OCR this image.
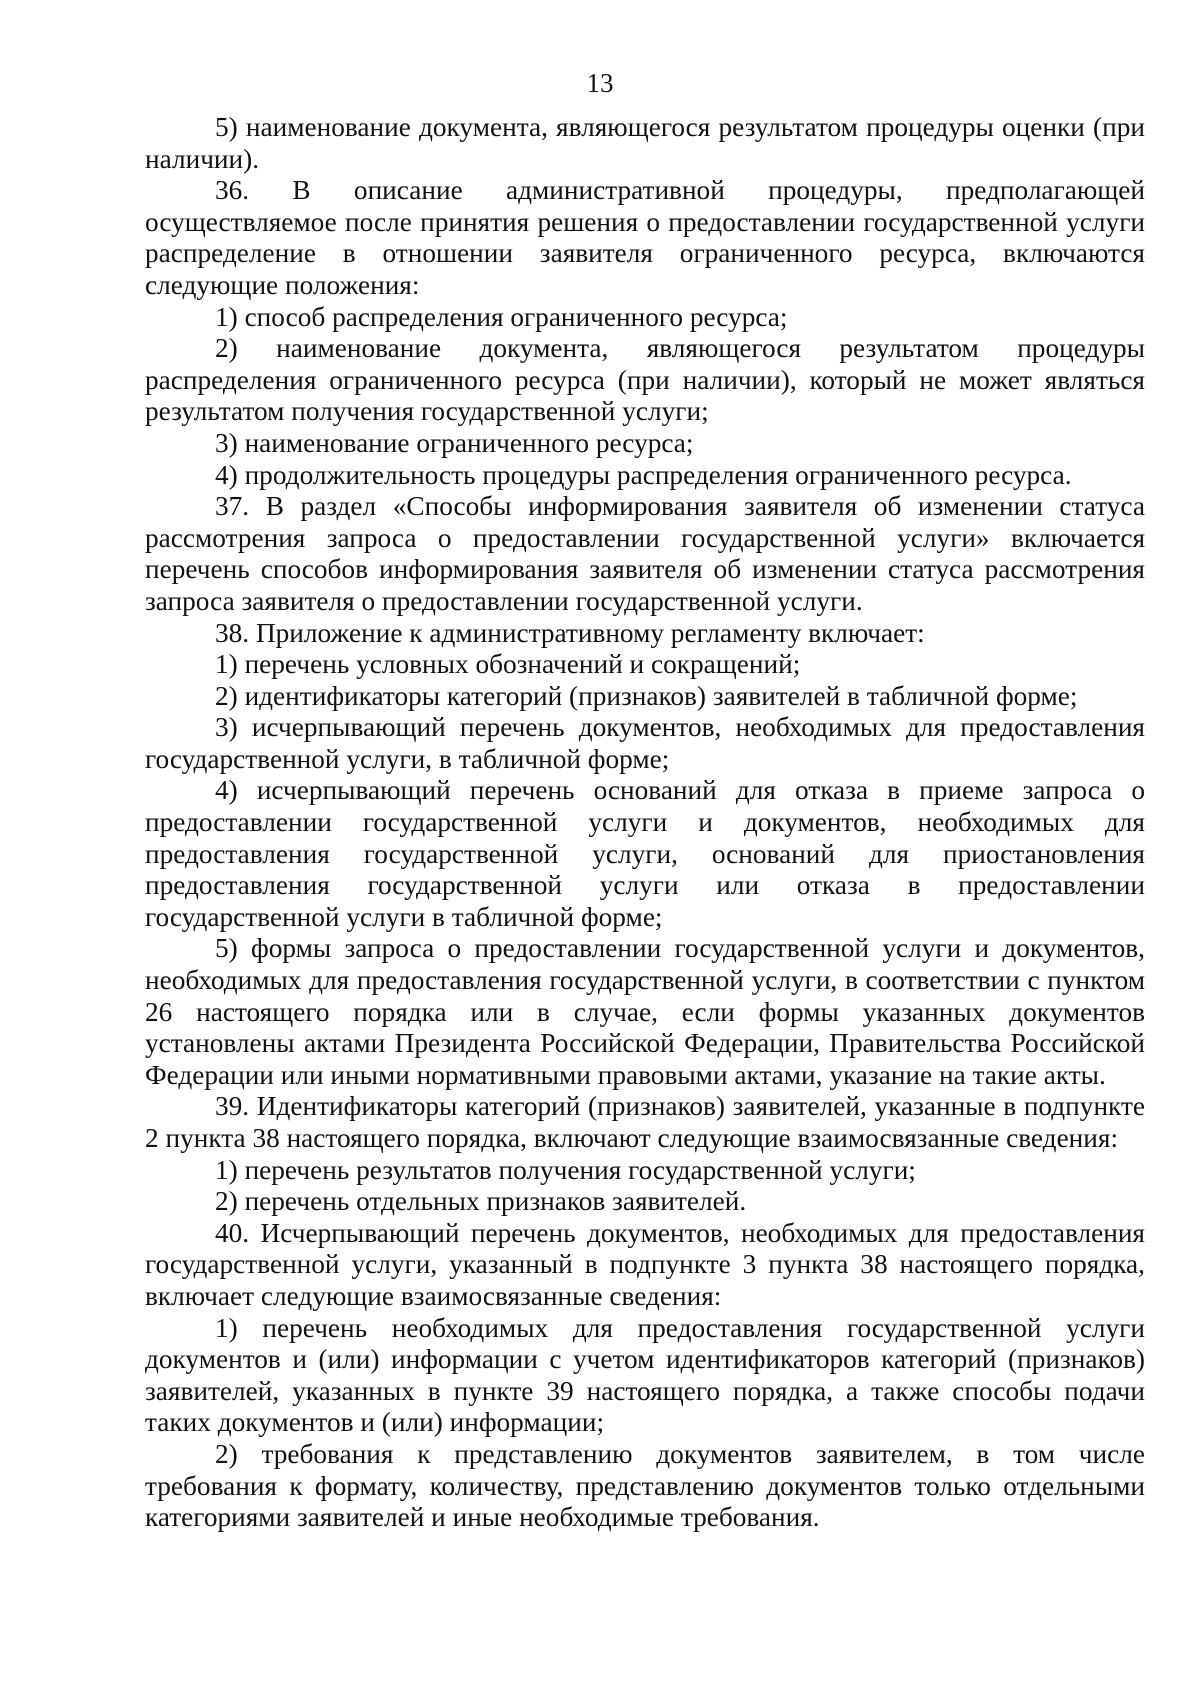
13

5) наименование документа, являющегося результатом процедуры оценки (при наличии).

36. В описание административной процедуры, предполагающей осуществляемое после принятия решения о предоставлении государственной услуги распределение в отношении заявителя ограниченного ресурса, включаются следующие положения:

1) способ распределения ограниченного ресурса;

2) наименование документа, являющегося результатом процедуры распределения ограниченного ресурса (при наличии), который не может являться результатом получения государственной услуги;

3) наименование ограниченного ресурса;

4) продолжительность процедуры распределения ограниченного ресурса.

37. В раздел «Способы информирования заявителя об изменении статуса рассмотрения запроса о предоставлении государственной услуги» включается перечень способов информирования заявителя об изменении статуса рассмотрения запроса заявителя о предоставлении государственной услуги.

38. Приложение к административному регламенту включает:

1) перечень условных обозначений и сокращений;

2) идентификаторы категорий (признаков) заявителей в табличной форме;

3) исчерпывающий перечень документов, необходимых для предоставления государственной услуги, в табличной форме;

4) исчерпывающий перечень оснований для отказа в приеме запроса о предоставлении государственной услуги и документов, необходимых для предоставления государственной услуги, оснований для приостановления предоставления государственной услуги или отказа в предоставлении государственной услуги в табличной форме;

5) формы запроса о предоставлении государственной услуги и документов, необходимых для предоставления государственной услуги, в соответствии с пунктом 26 настоящего порядка или в случае, если формы указанных документов установлены актами Президента Российской Федерации, Правительства Российской Федерации или иными нормативными правовыми актами, указание на такие акты.

39. Идентификаторы категорий (признаков) заявителей, указанные в подпункте 2 пункта 38 настоящего порядка, включают следующие взаимосвязанные сведения:

1) перечень результатов получения государственной услуги;

2) перечень отдельных признаков заявителей.

40. Исчерпывающий перечень документов, необходимых для предоставления государственной услуги, указанный в подпункте 3 пункта 38 настоящего порядка, включает следующие взаимосвязанные сведения:

1) перечень необходимых для предоставления государственной услуги документов и (или) информации с учетом идентификаторов категорий (признаков) заявителей, указанных в пункте 39 настоящего порядка, а также способы подачи таких документов и (или) информации;

2) требования к представлению документов заявителем, в том числе требования к формату, количеству, представлению документов только отдельными категориями заявителей и иные необходимые требования.
